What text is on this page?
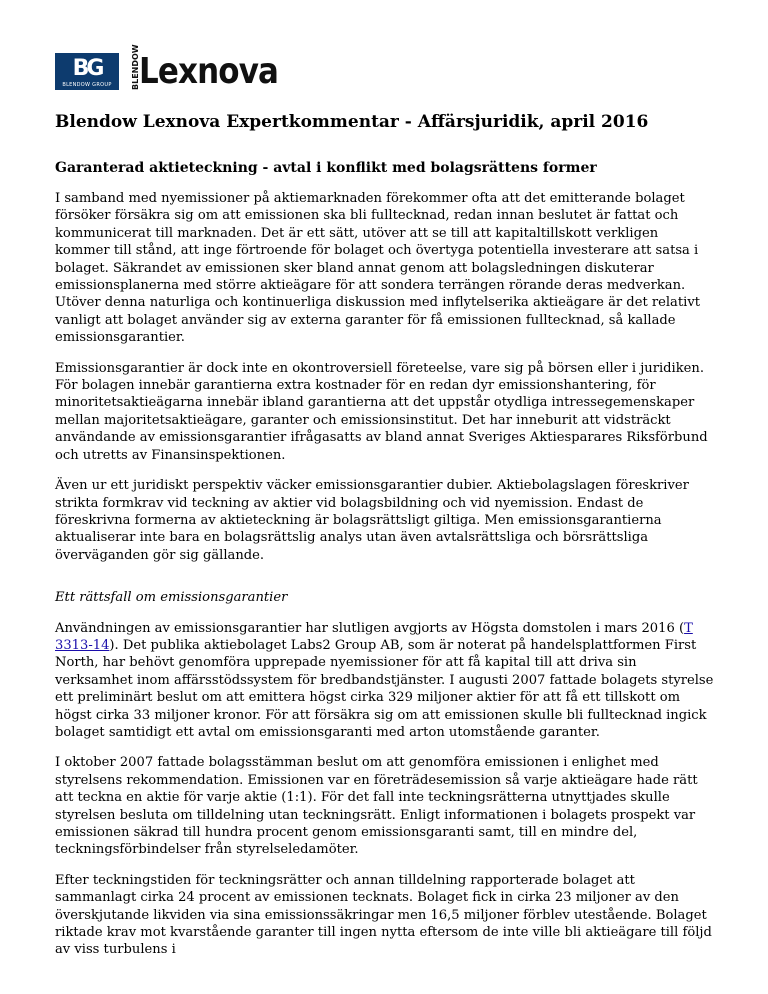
BG
BLENDOW GROUP	BLENDOW Lexnova
Blendow Lexnova Expertkommentar - Affärsjuridik, april 2016
Garanterad aktieteckning - avtal i konflikt med bolagsrättens former

I samband med nyemissioner på aktiemarknaden förekommer ofta att det emitterande bolaget försöker försäkra sig om att emissionen ska bli fulltecknad, redan innan beslutet är fattat och kommunicerat till marknaden. Det är ett sätt, utöver att se till att kapitaltillskott verkligen kommer till stånd, att inge förtroende för bolaget och övertyga potentiella investerare att satsa i bolaget. Säkrandet av emissionen sker bland annat genom att bolagsledningen diskuterar emissionsplanerna med större aktieägare för att sondera terrängen rörande deras medverkan. Utöver denna naturliga och kontinuerliga diskussion med inflytelserika aktieägare är det relativt vanligt att bolaget använder sig av externa garanter för få emissionen fulltecknad, så kallade emissionsgarantier.

Emissionsgarantier är dock inte en okontroversiell företeelse, vare sig på börsen eller i juridiken. För bolagen innebär garantierna extra kostnader för en redan dyr emissionshantering, för minoritetsaktieägarna innebär ibland garantierna att det uppstår otydliga intressegemenskaper mellan majoritetsaktieägare, garanter och emissionsinstitut. Det har inneburit att vidsträckt användande av emissionsgarantier ifrågasatts av bland annat Sveriges Aktiesparares Riksförbund och utretts av Finansinspektionen.

Även ur ett juridiskt perspektiv väcker emissionsgarantier dubier. Aktiebolagslagen föreskriver strikta formkrav vid teckning av aktier vid bolagsbildning och vid nyemission. Endast de föreskrivna formerna av aktieteckning är bolagsrättsligt giltiga. Men emissionsgarantierna aktualiserar inte bara en bolagsrättslig analys utan även avtalsrättsliga och börsrättsliga överväganden gör sig gällande.

Ett rättsfall om emissionsgarantier

Användningen av emissionsgarantier har slutligen avgjorts av Högsta domstolen i mars 2016 (T 3313-14). Det publika aktiebolaget Labs2 Group AB, som är noterat på handelsplattformen First North, har behövt genomföra upprepade nyemissioner för att få kapital till att driva sin verksamhet inom affärsstödssystem för bredbandstjänster. I augusti 2007 fattade bolagets styrelse ett preliminärt beslut om att emittera högst cirka 329 miljoner aktier för att få ett tillskott om högst cirka 33 miljoner kronor. För att försäkra sig om att emissionen skulle bli fulltecknad ingick bolaget samtidigt ett avtal om emissionsgaranti med arton utomstående garanter.

I oktober 2007 fattade bolagsstämman beslut om att genomföra emissionen i enlighet med styrelsens rekommendation. Emissionen var en företrädesemission så varje aktieägare hade rätt att teckna en aktie för varje aktie (1:1). För det fall inte teckningsrätterna utnyttjades skulle styrelsen besluta om tilldelning utan teckningsrätt. Enligt informationen i bolagets prospekt var emissionen säkrad till hundra procent genom emissionsgaranti samt, till en mindre del, teckningsförbindelser från styrelseledamöter.

Efter teckningstiden för teckningsrätter och annan tilldelning rapporterade bolaget att sammanlagt cirka 24 procent av emissionen tecknats. Bolaget fick in cirka 23 miljoner av den överskjutande likviden via sina emissionssäkringar men 16,5 miljoner förblev utestående. Bolaget riktade krav mot kvarstående garanter till ingen nytta eftersom de inte ville bli aktieägare till följd av viss turbulens i
